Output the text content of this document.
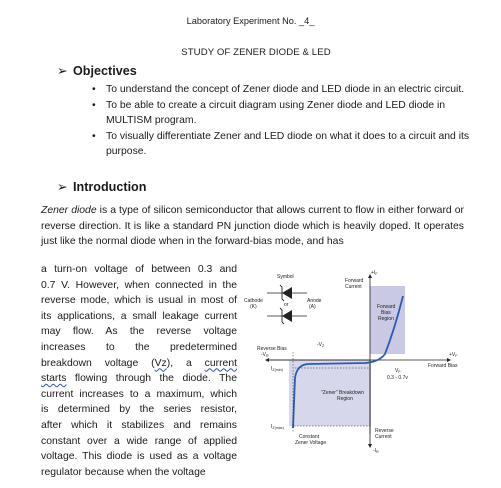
Laboratory Experiment No. _4_
STUDY OF ZENER DIODE & LED
➢ Objectives
• To understand the concept of Zener diode and LED diode in an electric circuit.
• To be able to create a circuit diagram using Zener diode and LED diode in MULTISM program.
• To visually differentiate Zener and LED diode on what it does to a circuit and its purpose.
➢ Introduction
Zener diode is a type of silicon semiconductor that allows current to flow in either forward or reverse direction. It is like a standard PN junction diode which is heavily doped. It operates just like the normal diode when in the forward-bias mode, and has
a turn-on voltage of between 0.3 and
0.7 V. However, when connected in the
reverse mode, which is usual in most of
its applications, a small leakage current
may flow. As the reverse voltage
increases to the predetermined
breakdown voltage (Vz), a current
starts flowing through the diode. The
current increases to a maximum, which
is determined by the series resistor,
after which it stabilizes and remains
constant over a wide range of applied
voltage. This diode is used as a voltage
regulator because when the voltage
Symbol
Cathode
(K)	or
Anode
(A)
$+I_F$
Forward
Current
Forward
Bias
Region
Reverse Bias
$-V_R$
$-V_Z$
$I_{Z(min)}$
$I_{Z(max)}$
$+V_F$
Forward Bias
$V_F$
0.3 - 0.7v
"Zener" Breakdown
Region
Constant
Zener Voltage
Reverse
Current
$-I_R$
